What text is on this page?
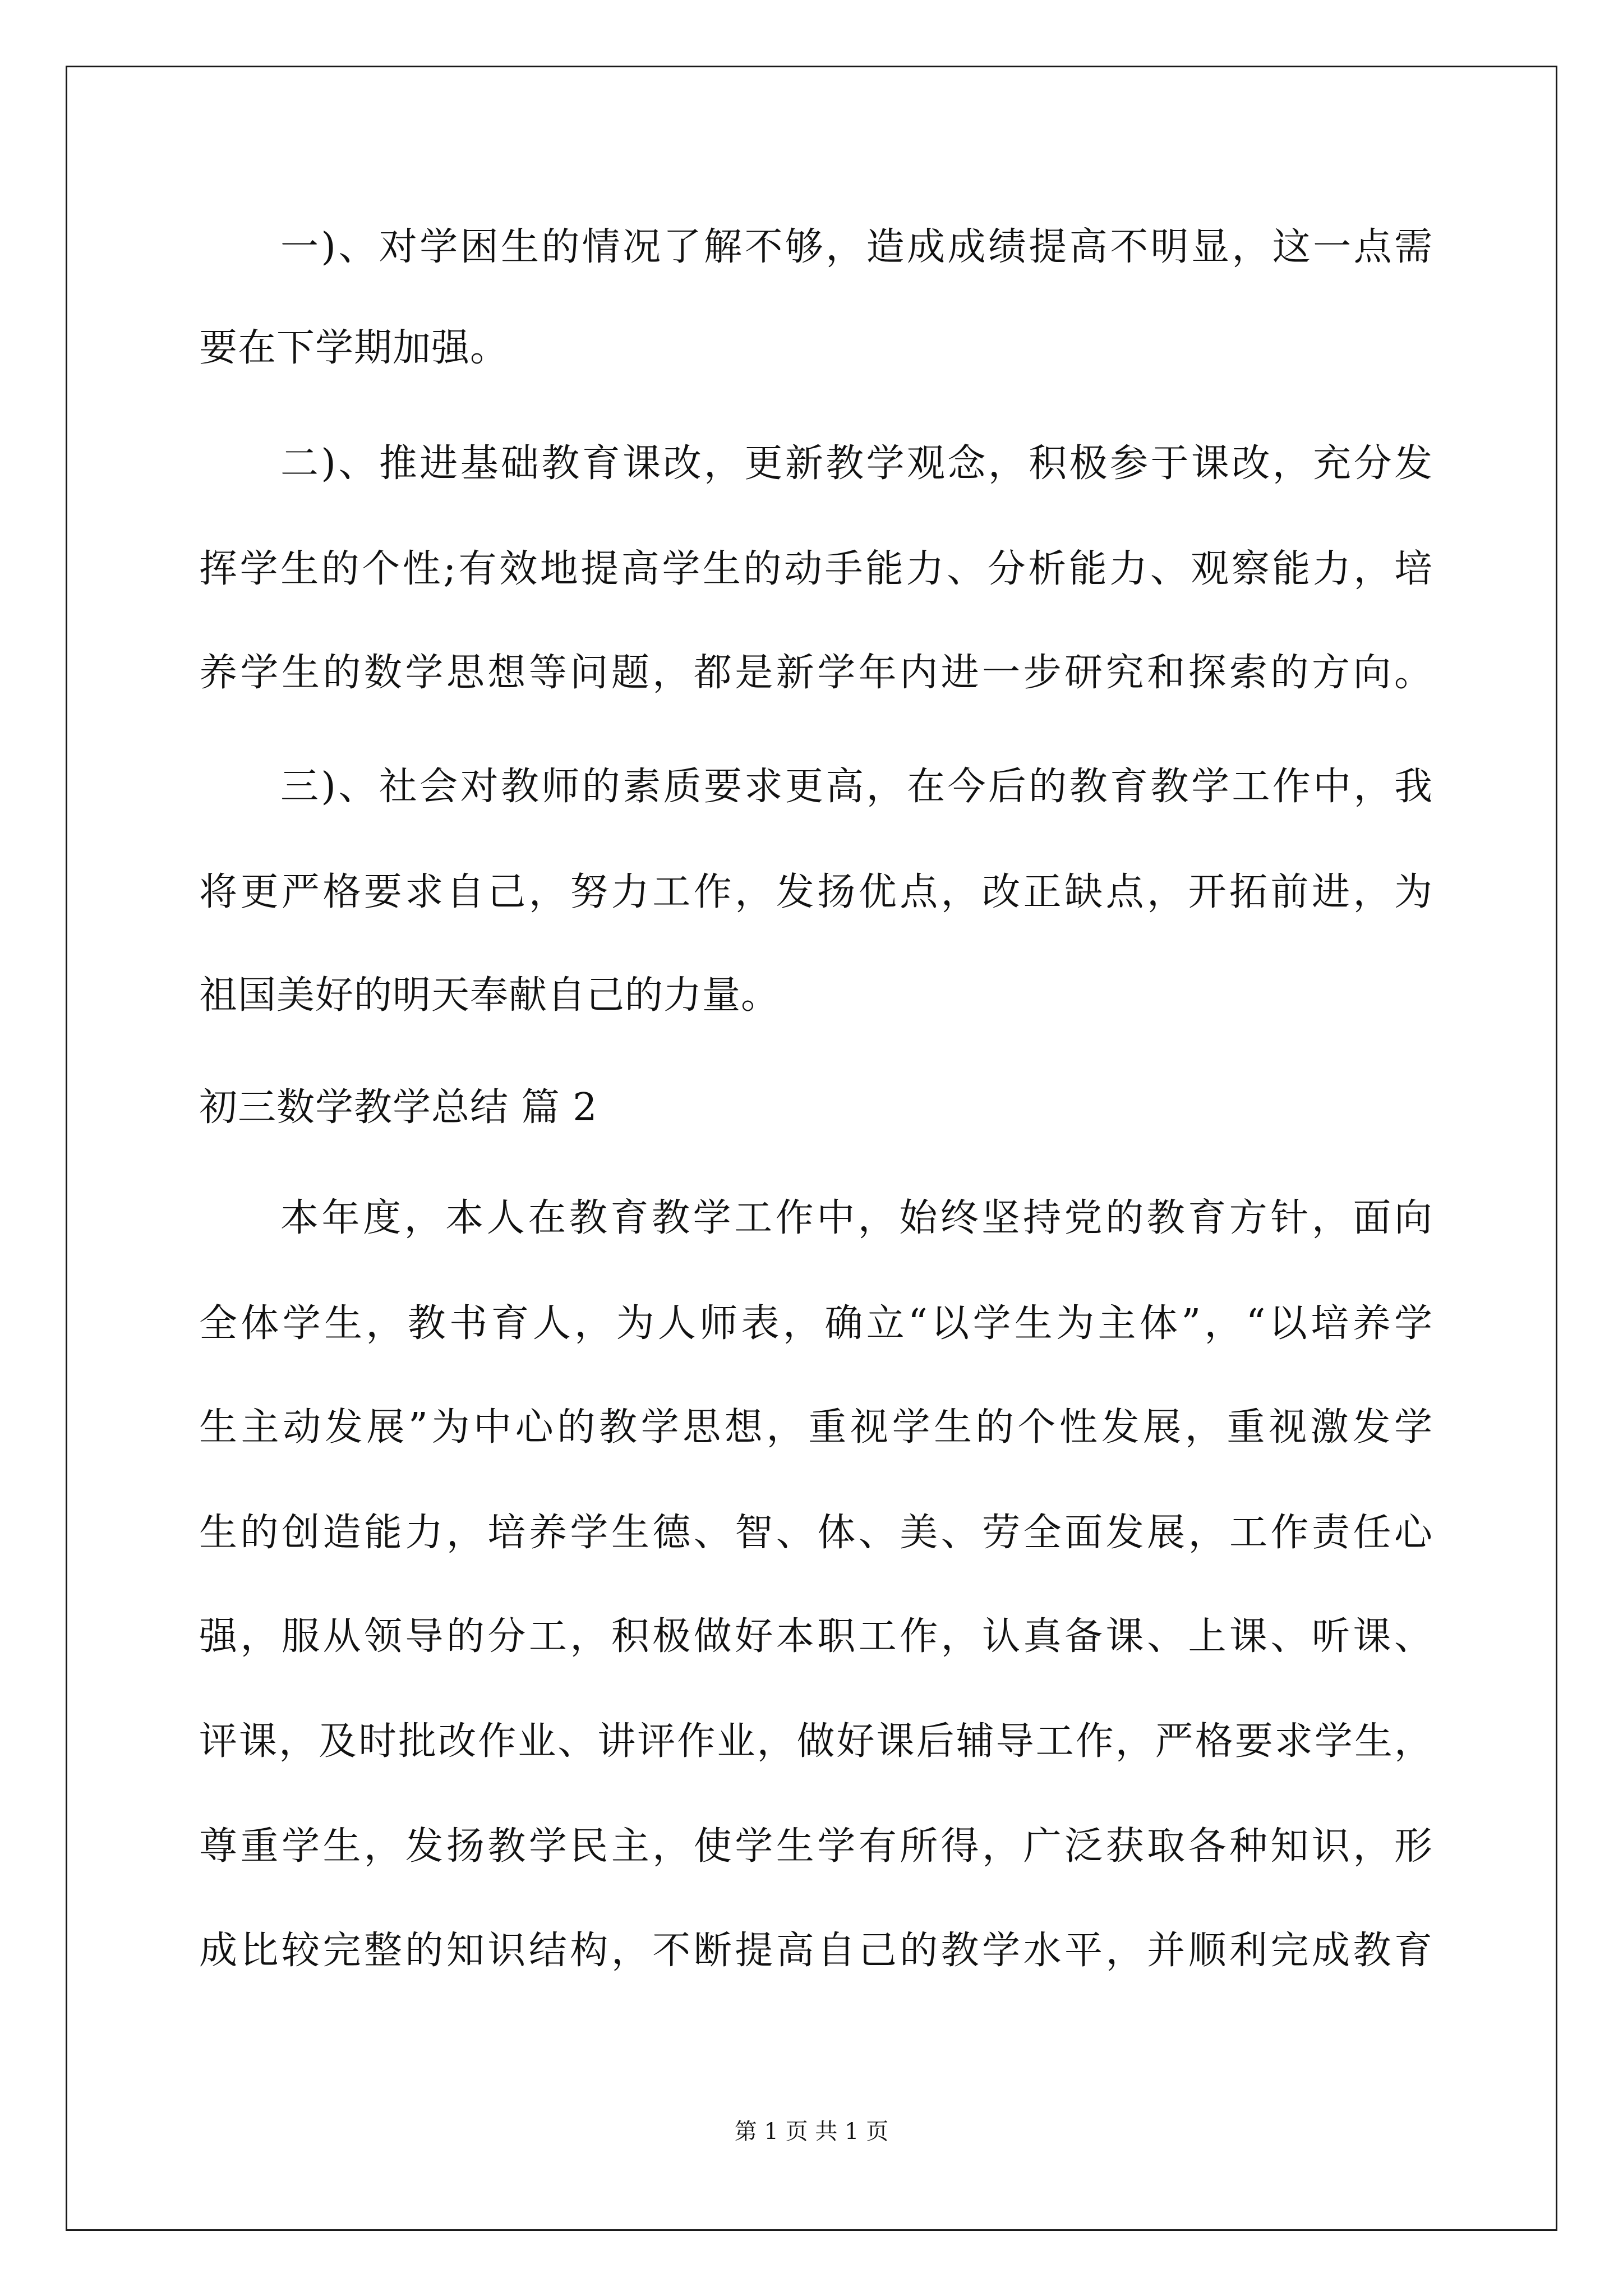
一)、对学困生的情况了解不够，造成成绩提高不明显，这一点需
要在下学期加强。
二)、推进基础教育课改，更新教学观念，积极参于课改，充分发
挥学生的个性;有效地提高学生的动手能力、分析能力、观察能力，培
养学生的数学思想等问题，都是新学年内进一步研究和探索的方向。
三)、社会对教师的素质要求更高，在今后的教育教学工作中，我
将更严格要求自己，努力工作，发扬优点，改正缺点，开拓前进，为
祖国美好的明天奉献自己的力量。
初三数学教学总结 篇 2
本年度，本人在教育教学工作中，始终坚持党的教育方针，面向
全体学生，教书育人，为人师表，确立“以学生为主体”，“以培养学
生主动发展”为中心的教学思想，重视学生的个性发展，重视激发学
生的创造能力，培养学生德、智、体、美、劳全面发展，工作责任心
强，服从领导的分工，积极做好本职工作，认真备课、上课、听课、
评课，及时批改作业、讲评作业，做好课后辅导工作，严格要求学生，
尊重学生，发扬教学民主，使学生学有所得，广泛获取各种知识，形
成比较完整的知识结构，不断提高自己的教学水平，并顺利完成教育
第 1 页 共 1 页
